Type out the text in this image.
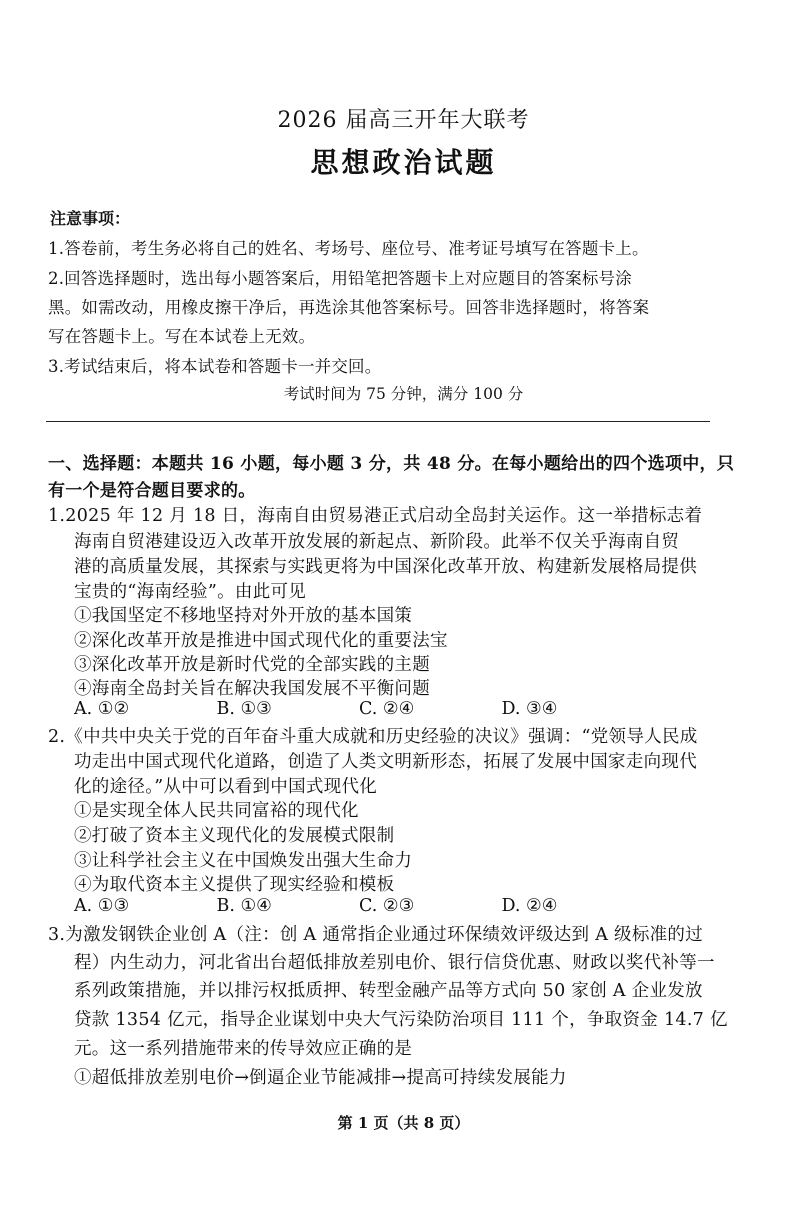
2026 届高三开年大联考
思想政治试题
注意事项：
1.答卷前，考生务必将自己的姓名、考场号、座位号、准考证号填写在答题卡上。
2.回答选择题时，选出每小题答案后，用铅笔把答题卡上对应题目的答案标号涂
黑。如需改动，用橡皮擦干净后，再选涂其他答案标号。回答非选择题时，将答案
写在答题卡上。写在本试卷上无效。
3.考试结束后，将本试卷和答题卡一并交回。
考试时间为 75 分钟，满分 100 分
一、选择题：本题共 16 小题，每小题 3 分，共 48 分。在每小题给出的四个选项中，只
有一个是符合题目要求的。
1.2025 年 12 月 18 日，海南自由贸易港正式启动全岛封关运作。这一举措标志着
海南自贸港建设迈入改革开放发展的新起点、新阶段。此举不仅关乎海南自贸
港的高质量发展，其探索与实践更将为中国深化改革开放、构建新发展格局提供
宝贵的“海南经验”。由此可见
①我国坚定不移地坚持对外开放的基本国策
②深化改革开放是推进中国式现代化的重要法宝
③深化改革开放是新时代党的全部实践的主题
④海南全岛封关旨在解决我国发展不平衡问题
A. ①②	B. ①③	C. ②④	D. ③④
2.《中共中央关于党的百年奋斗重大成就和历史经验的决议》强调：“党领导人民成
功走出中国式现代化道路，创造了人类文明新形态，拓展了发展中国家走向现代
化的途径。”从中可以看到中国式现代化
①是实现全体人民共同富裕的现代化
②打破了资本主义现代化的发展模式限制
③让科学社会主义在中国焕发出强大生命力
④为取代资本主义提供了现实经验和模板
A. ①③	B. ①④	C. ②③	D. ②④
3.为激发钢铁企业创 A（注：创 A 通常指企业通过环保绩效评级达到 A 级标准的过
程）内生动力，河北省出台超低排放差别电价、银行信贷优惠、财政以奖代补等一
系列政策措施，并以排污权抵质押、转型金融产品等方式向 50 家创 A 企业发放
贷款 1354 亿元，指导企业谋划中央大气污染防治项目 111 个，争取资金 14.7 亿
元。这一系列措施带来的传导效应正确的是
①超低排放差别电价→倒逼企业节能减排→提高可持续发展能力
第 1 页（共 8 页）
